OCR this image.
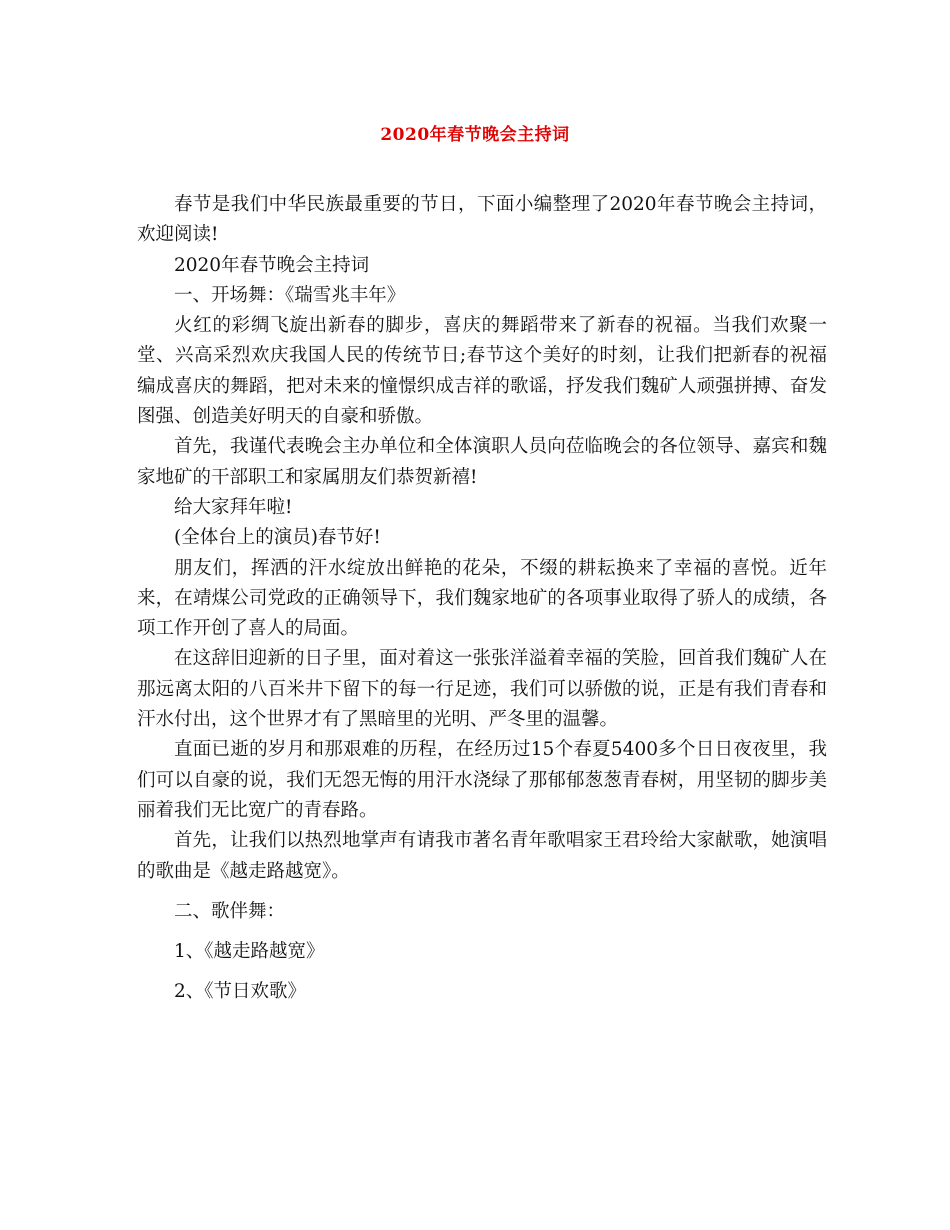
2020年春节晚会主持词

春节是我们中华民族最重要的节日，下面小编整理了2020年春节晚会主持词，欢迎阅读!

2020年春节晚会主持词

一、开场舞：《瑞雪兆丰年》

火红的彩绸飞旋出新春的脚步，喜庆的舞蹈带来了新春的祝福。当我们欢聚一堂、兴高采烈欢庆我国人民的传统节日;春节这个美好的时刻，让我们把新春的祝福编成喜庆的舞蹈，把对未来的憧憬织成吉祥的歌谣，抒发我们魏矿人顽强拼搏、奋发图强、创造美好明天的自豪和骄傲。

首先，我谨代表晚会主办单位和全体演职人员向莅临晚会的各位领导、嘉宾和魏家地矿的干部职工和家属朋友们恭贺新禧!

给大家拜年啦!

(全体台上的演员)春节好!

朋友们，挥洒的汗水绽放出鲜艳的花朵，不缀的耕耘换来了幸福的喜悦。近年来，在靖煤公司党政的正确领导下，我们魏家地矿的各项事业取得了骄人的成绩，各项工作开创了喜人的局面。

在这辞旧迎新的日子里，面对着这一张张洋溢着幸福的笑脸，回首我们魏矿人在那远离太阳的八百米井下留下的每一行足迹，我们可以骄傲的说，正是有我们青春和汗水付出，这个世界才有了黑暗里的光明、严冬里的温馨。

直面已逝的岁月和那艰难的历程，在经历过15个春夏5400多个日日夜夜里，我们可以自豪的说，我们无怨无悔的用汗水浇绿了那郁郁葱葱青春树，用坚韧的脚步美丽着我们无比宽广的青春路。

首先，让我们以热烈地掌声有请我市著名青年歌唱家王君玲给大家献歌，她演唱的歌曲是《越走路越宽》。

二、歌伴舞：

1、《越走路越宽》

2、《节日欢歌》
